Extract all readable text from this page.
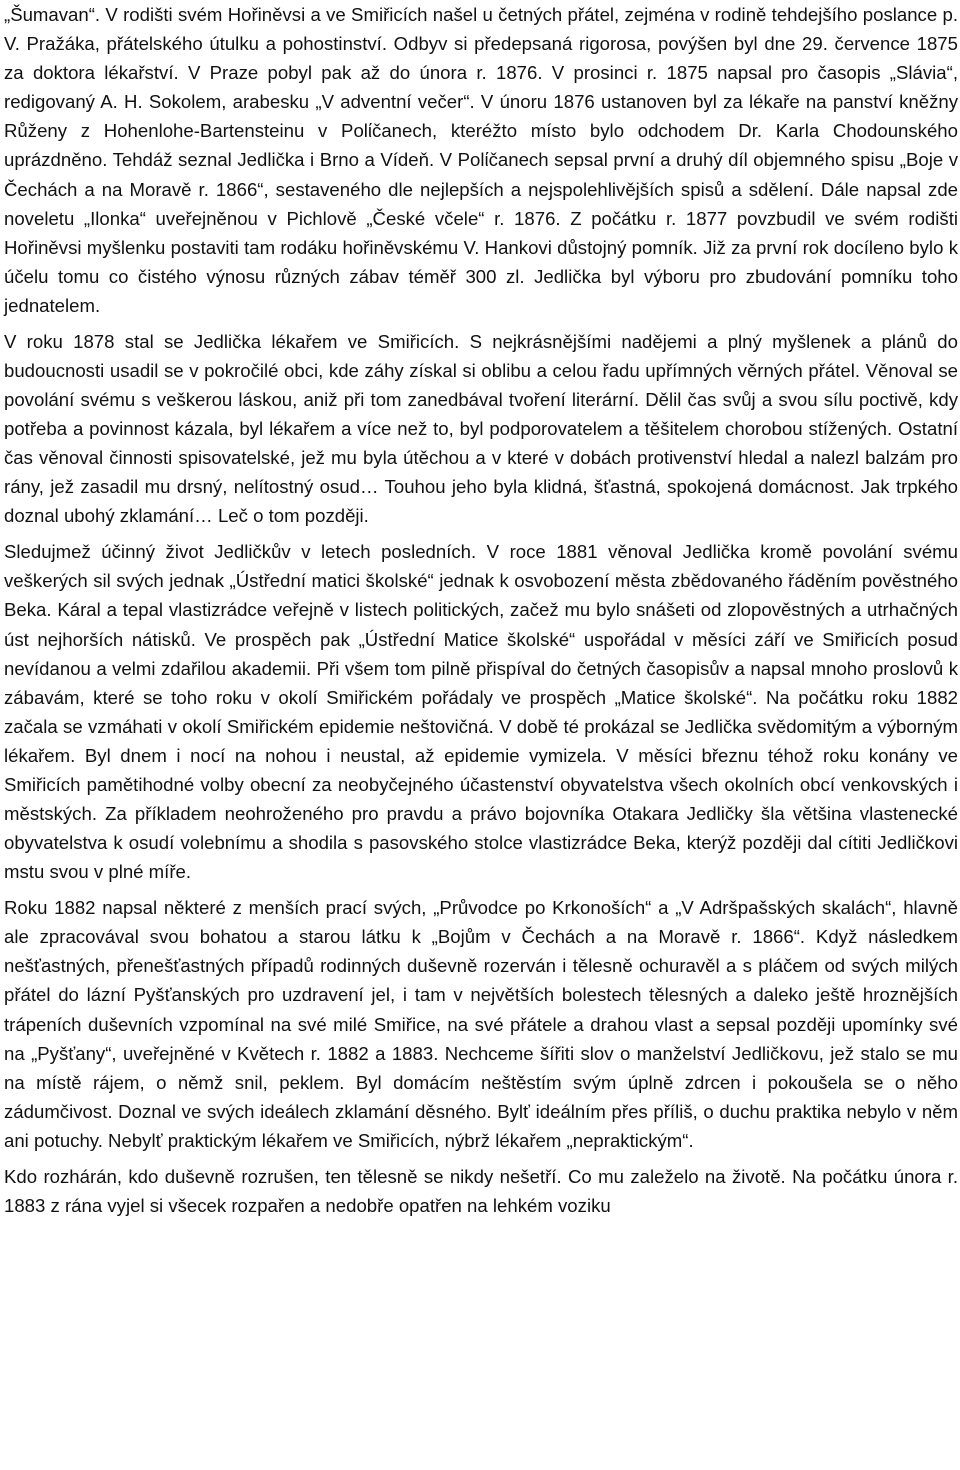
„Šumavan“. V rodišti svém Hořiněvsi a ve Smiřicích našel u četných přátel, zejména v rodině tehdejšího poslance p. V. Pražáka, přátelského útulku a pohostinství. Odbyv si předepsaná rigorosa, povýšen byl dne 29. července 1875 za doktora lékařství. V Praze pobyl pak až do února r. 1876. V prosinci r. 1875 napsal pro časopis „Slávia“, redigovaný A. H. Sokolem, arabesku „V adventní večer“. V únoru 1876 ustanoven byl za lékaře na panství kněžny Růženy z Hohenlohe-Bartensteinu v Polίčanech, kteréžto místo bylo odchodem Dr. Karla Chodounského uprázdněno. Tehdáž seznal Jedlička i Brno a Vídeň. V Polίčanech sepsal první a druhý díl objemného spisu „Boje v Čechách a na Moravě r. 1866“, sestaveného dle nejlepších a nejspolehlivějších spisů a sdělení. Dále napsal zde noveletu „Ilonka“ uveřejněnou v Pichlově „České včele“ r. 1876. Z počátku r. 1877 povzbudil ve svém rodišti Hořiněvsi myšlenku postaviti tam rodáku hořiněvskému V. Hankovi důstojný pomník. Již za první rok docíleno bylo k účelu tomu co čistého výnosu různých zábav téměř 300 zl. Jedlička byl výboru pro zbudování pomníku toho jednatelem.

V roku 1878 stal se Jedlička lékařem ve Smiřicích. S nejkrásnějšími nadějemi a plný myšlenek a plánů do budoucnosti usadil se v pokročilé obci, kde záhy získal si oblibu a celou řadu upřímných věrných přátel. Věnoval se povolání svému s veškerou láskou, aniž při tom zanedbával tvoření literární. Dělil čas svůj a svou sílu poctivě, kdy potřeba a povinnost kázala, byl lékařem a více než to, byl podporovatelem a těšitelem chorobou stížených. Ostatní čas věnoval činnosti spisovatelské, jež mu byla útěchou a v které v dobách protivenství hledal a nalezl balzám pro rány, jež zasadil mu drsný, nelítostný osud… Touhou jeho byla klidná, šťastná, spokojená domácnost. Jak trpkého doznal ubohý zklamání… Leč o tom později.

Sledujmež účinný život Jedličkův v letech posledních. V roce 1881 věnoval Jedlička kromě povolání svému veškerých sil svých jednak „Ústřední matici školské“ jednak k osvobození města zbědovaného řáděním pověstného Beka. Káral a tepal vlastizrádce veřejně v listech politických, začež mu bylo snášeti od zlopověstných a utrhačných úst nejhorších nátisků. Ve prospěch pak „Ústřední Matice školské“ uspořádal v měsíci září ve Smiřicích posud nevídanou a velmi zdařilou akademii. Při všem tom pilně přispíval do četných časopisův a napsal mnoho proslovů k zábavám, které se toho roku v okolí Smiřickém pořádaly ve prospěch „Matice školské“. Na počátku roku 1882 začala se vzmáhati v okolí Smiřickém epidemie neštovičná. V době té prokázal se Jedlička svědomitým a výborným lékařem. Byl dnem i nocí na nohou i neustal, až epidemie vymizela. V měsíci březnu téhož roku konány ve Smiřicích pamětihodné volby obecní za neobyčejného účastenství obyvatelstva všech okolních obcí venkovských i městských. Za příkladem neohroženého pro pravdu a právo bojovníka Otakara Jedličky šla většina vlastenecké obyvatelstva k osudí volebnímu a shodila s pasovského stolce vlastizrádce Beka, kterýž později dal cítiti Jedličkovi mstu svou v plné míře.

Roku 1882 napsal některé z menších prací svých, „Průvodce po Krkonoších“ a „V Adršpašských skalách“, hlavně ale zpracovával svou bohatou a starou látku k „Bojům v Čechách a na Moravě r. 1866“. Když následkem nešťastných, přenešťastných případů rodinných duševně rozerván i tělesně ochuravěl a s pláčem od svých milých přátel do lázní Pyšťanských pro uzdravení jel, i tam v největších bolestech tělesných a daleko ještě hroznějších trápeních duševních vzpomínal na své milé Smiřice, na své přátele a drahou vlast a sepsal později upomínky své na „Pyšťany“, uveřejněné v Květech r. 1882 a 1883. Nechceme šířiti slov o manželství Jedličkovu, jež stalo se mu na místě rájem, o němž snil, peklem. Byl domácím neštěstím svým úplně zdrcen i pokoušela se o něho zádumčivost. Doznal ve svých ideálech zklamání děsného. Bylť ideálním přes příliš, o duchu praktika nebylo v něm ani potuchy. Nebylť praktickým lékařem ve Smiřicích, nýbrž lékařem „nepraktickým“.

Kdo rozhárán, kdo duševně rozrušen, ten tělesně se nikdy nešetří. Co mu zaleželo na životě. Na počátku února r. 1883 z rána vyjel si všecek rozpařen a nedobře opatřen na lehkém voziku
